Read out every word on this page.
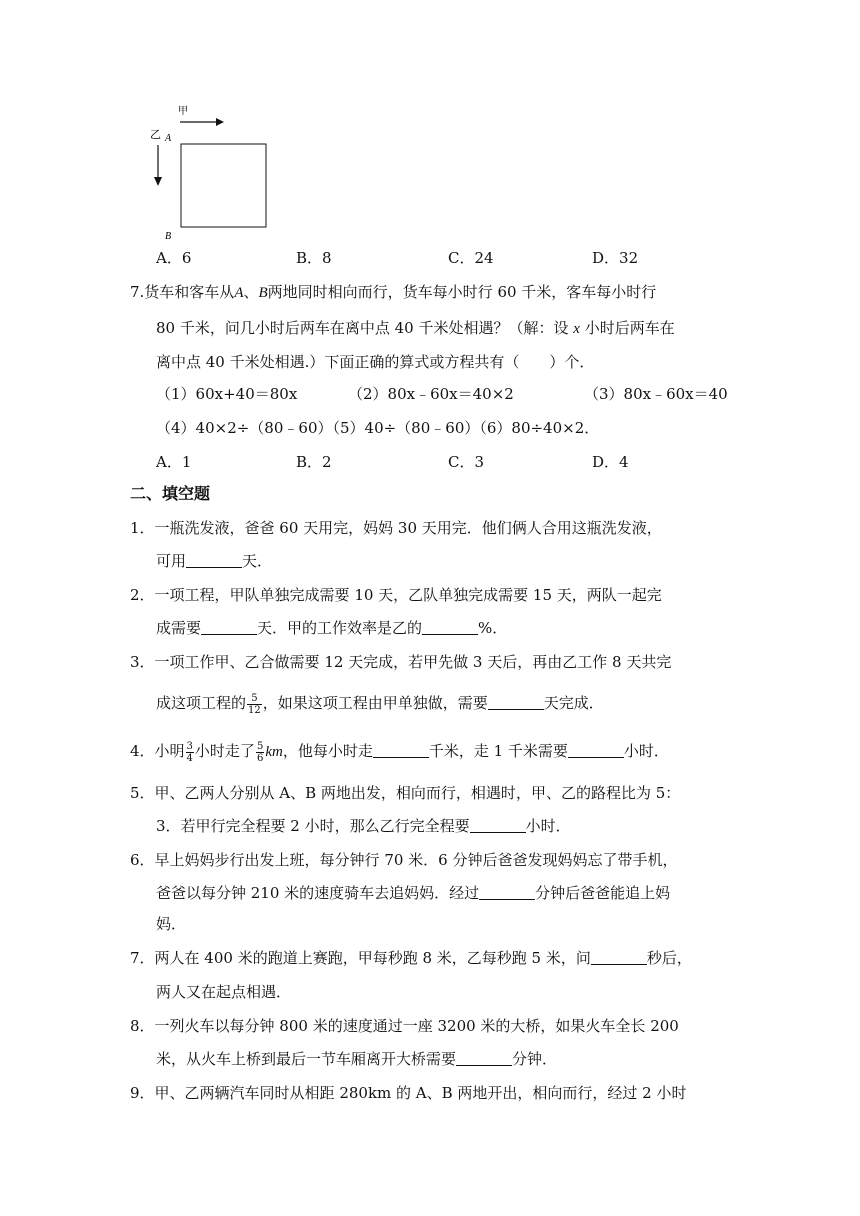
甲
乙 A
B
A．6	B．8	C．24	D．32
7.货车和客车从A、B两地同时相向而行，货车每小时行 60 千米，客车每小时行
80 千米，问几小时后两车在离中点 40 千米处相遇？（解：设 x 小时后两车在
离中点 40 千米处相遇.）下面正确的算式或方程共有（　　）个．
（1）60x+40＝80x	（2）80x﹣60x＝40×2	（3）80x﹣60x＝40
（4）40×2÷（80﹣60）（5）40÷（80﹣60）（6）80÷40×2．
A．1	B．2	C．3	D．4
二、填空题
1．一瓶洗发液，爸爸 60 天用完，妈妈 30 天用完．他们俩人合用这瓶洗发液，
可用	天．
2．一项工程，甲队单独完成需要 10 天，乙队单独完成需要 15 天，两队一起完
成需要	天．甲的工作效率是乙的	%．
3．一项工作甲、乙合做需要 12 天完成，若甲先做 3 天后，再由乙工作 8 天共完
成这项工程的 $\frac{5}{12}$ ，如果这项工程由甲单独做，需要	天完成．
4．小明 $\frac{3}{4}$ 小时走了 $\frac{5}{6}$ km，他每小时走	千米，走 1 千米需要	小时．
5．甲、乙两人分别从 A、B 两地出发，相向而行，相遇时，甲、乙的路程比为 5：
3．若甲行完全程要 2 小时，那么乙行完全程要	小时．
6．早上妈妈步行出发上班，每分钟行 70 米．6 分钟后爸爸发现妈妈忘了带手机，
爸爸以每分钟 210 米的速度骑车去追妈妈．经过	分钟后爸爸能追上妈
妈．
7．两人在 400 米的跑道上赛跑，甲每秒跑 8 米，乙每秒跑 5 米，问	秒后，
两人又在起点相遇．
8．一列火车以每分钟 800 米的速度通过一座 3200 米的大桥，如果火车全长 200
米，从火车上桥到最后一节车厢离开大桥需要	分钟．
9．甲、乙两辆汽车同时从相距 280km 的 A、B 两地开出，相向而行，经过 2 小时
